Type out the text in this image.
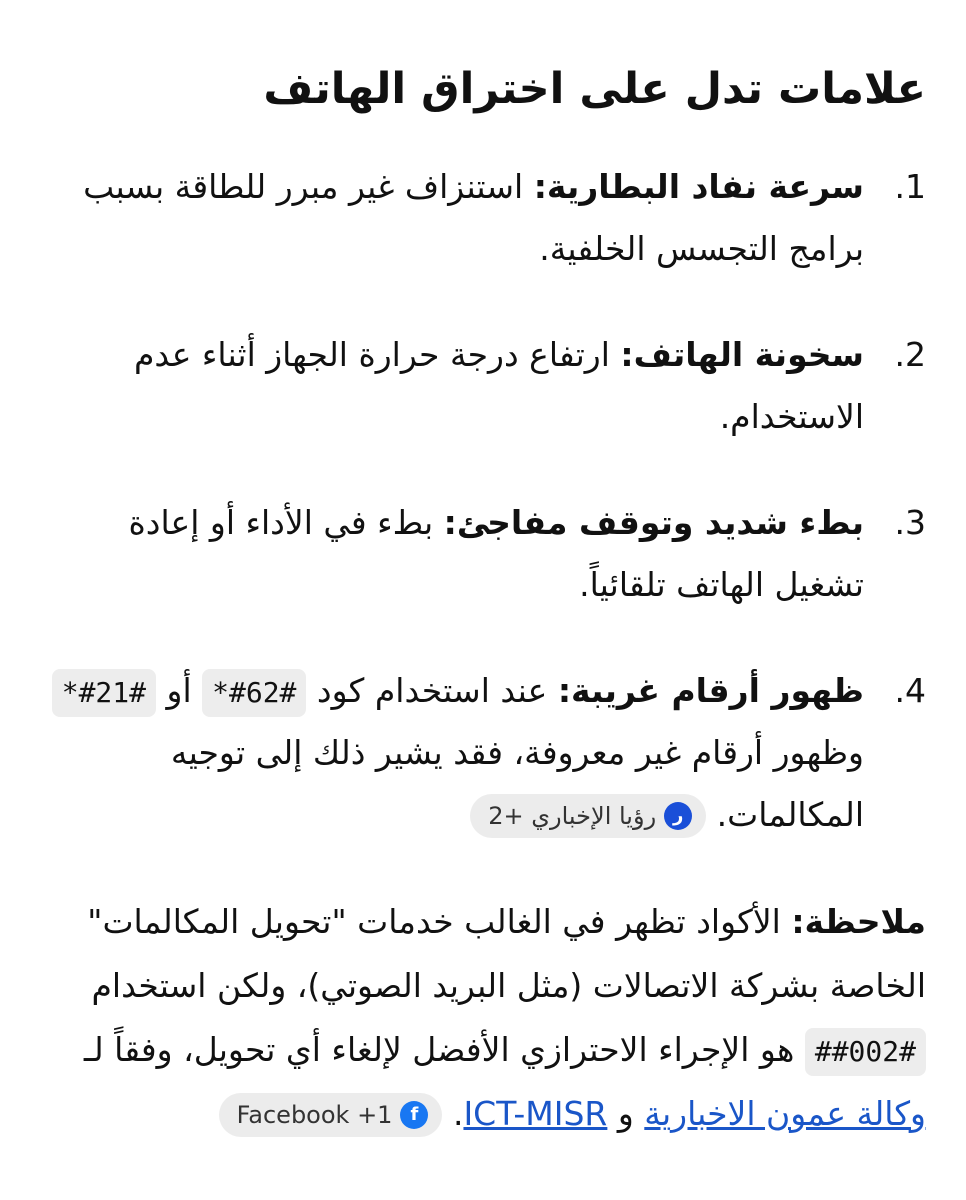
علامات تدل على اختراق الهاتف
1.
سرعة نفاد البطارية: استنزاف غير مبرر للطاقة بسبب برامج التجسس الخلفية.
2.
سخونة الهاتف: ارتفاع درجة حرارة الجهاز أثناء عدم الاستخدام.
3.
بطء شديد وتوقف مفاجئ: بطء في الأداء أو إعادة تشغيل الهاتف تلقائياً.
4.
ظهور أرقام غريبة: عند استخدام كود *#62# أو *#21# وظهور أرقام غير معروفة، فقد يشير ذلك إلى توجيه المكالمات.
ر
رؤيا الإخباري +2

ملاحظة: الأكواد تظهر في الغالب خدمات "تحويل المكالمات" الخاصة بشركة الاتصالات (مثل البريد الصوتي)، ولكن استخدام ##002# هو الإجراء الاحترازي الأفضل لإلغاء أي تحويل، وفقاً لـ وكالة عمون الاخبارية و ICT-MISR.
f
Facebook +1
